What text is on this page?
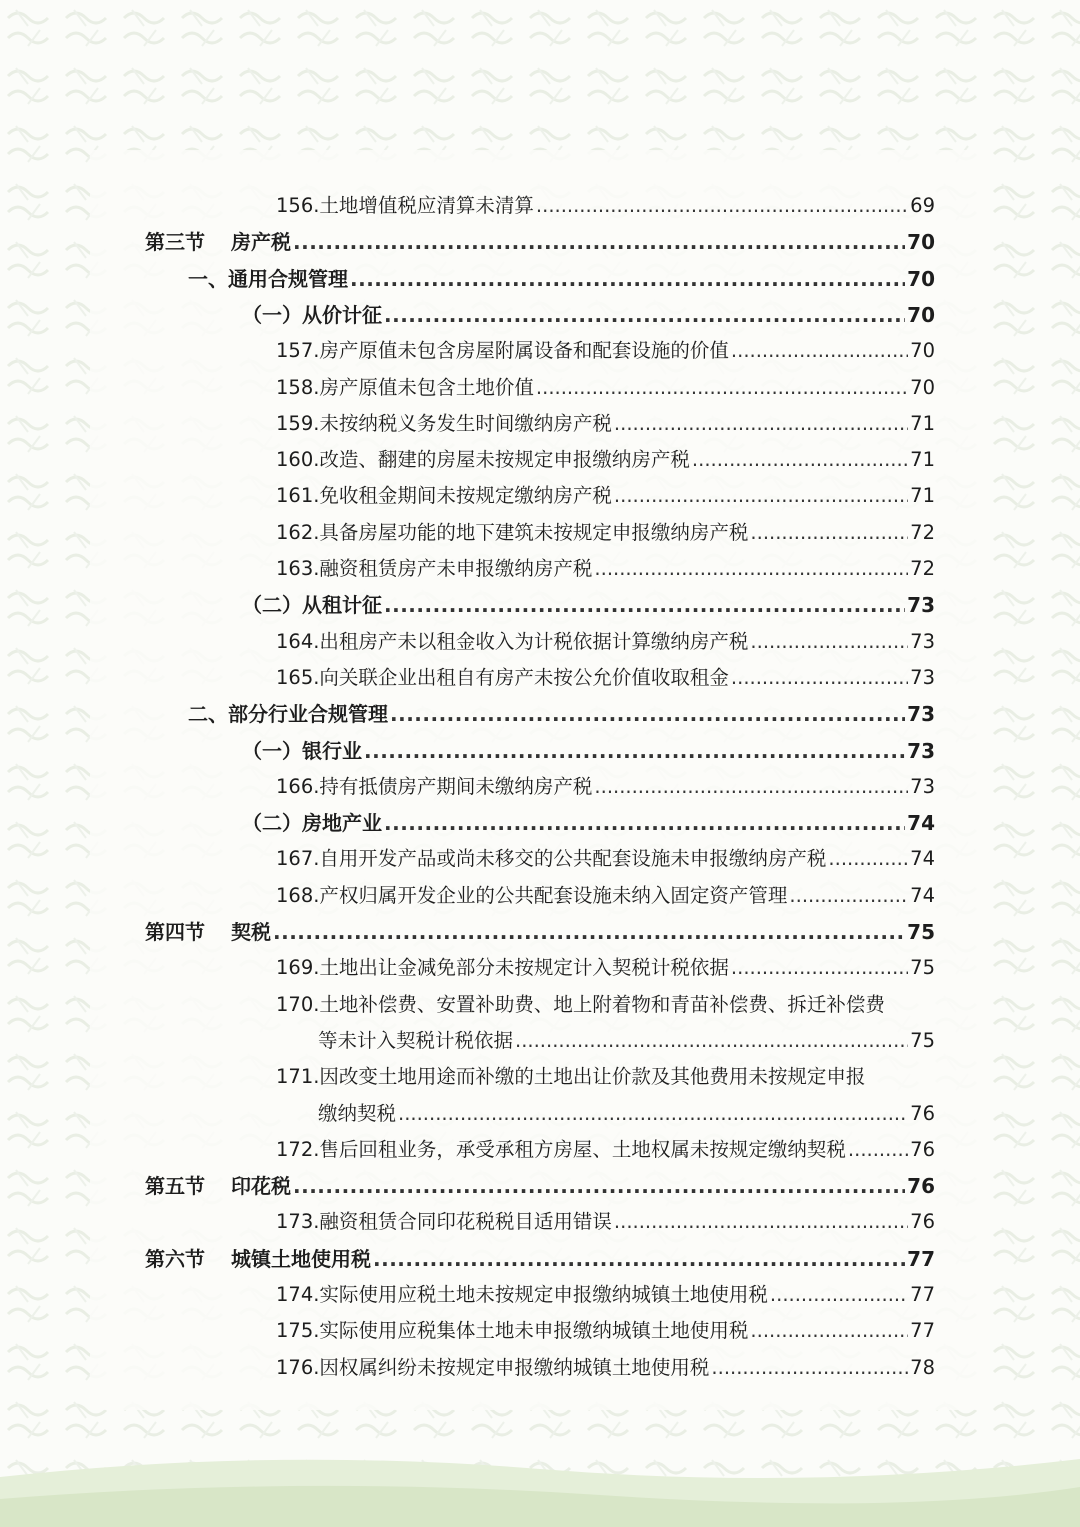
156.土地增值税应清算未清算 .....	69
第三节 房产税 .....	70
一、通用合规管理 .....	70
（一）从价计征 .....	70
157.房产原值未包含房屋附属设备和配套设施的价值 .....	70
158.房产原值未包含土地价值 .....	70
159.未按纳税义务发生时间缴纳房产税 .....	71
160.改造、翻建的房屋未按规定申报缴纳房产税 .....	71
161.免收租金期间未按规定缴纳房产税 .....	71
162.具备房屋功能的地下建筑未按规定申报缴纳房产税 .....	72
163.融资租赁房产未申报缴纳房产税 .....	72
（二）从租计征 .....	73
164.出租房产未以租金收入为计税依据计算缴纳房产税 .....	73
165.向关联企业出租自有房产未按公允价值收取租金 .....	73
二、部分行业合规管理 .....	73
（一）银行业 .....	73
166.持有抵债房产期间未缴纳房产税 .....	73
（二）房地产业 .....	74
167.自用开发产品或尚未移交的公共配套设施未申报缴纳房产税 .....	74
168.产权归属开发企业的公共配套设施未纳入固定资产管理 .....	74
第四节 契税 .....	75
169.土地出让金减免部分未按规定计入契税计税依据 .....	75
170.土地补偿费、安置补助费、地上附着物和青苗补偿费、拆迁补偿费
等未计入契税计税依据 .....	75
171.因改变土地用途而补缴的土地出让价款及其他费用未按规定申报
缴纳契税 .....	76
172.售后回租业务，承受承租方房屋、土地权属未按规定缴纳契税 .....	76
第五节 印花税 .....	76
173.融资租赁合同印花税税目适用错误 .....	76
第六节 城镇土地使用税 .....	77
174.实际使用应税土地未按规定申报缴纳城镇土地使用税 .....	77
175.实际使用应税集体土地未申报缴纳城镇土地使用税 .....	77
176.因权属纠纷未按规定申报缴纳城镇土地使用税 .....	78
